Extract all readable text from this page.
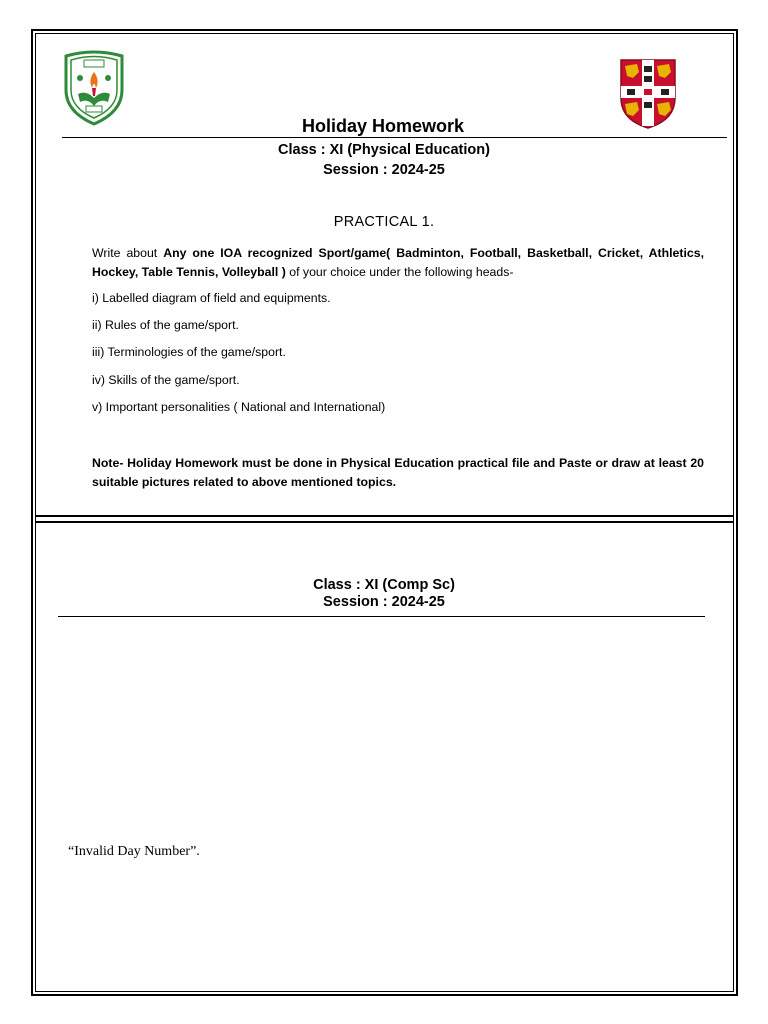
Holiday Homework
Class : XI (Physical Education)
Session : 2024-25
PRACTICAL 1.
Write about Any one IOA recognized Sport/game( Badminton, Football, Basketball, Cricket, Athletics, Hockey, Table Tennis, Volleyball ) of your choice under the following heads-
i) Labelled diagram of field and equipments.
ii) Rules of the game/sport.
iii) Terminologies of the game/sport.
iv) Skills of the game/sport.
v) Important personalities ( National and International)
Note- Holiday Homework must be done in Physical Education practical file and Paste or draw at least 20 suitable pictures related to above mentioned topics.
Class : XI (Comp Sc)
Session : 2024-25
“Invalid Day Number”.
